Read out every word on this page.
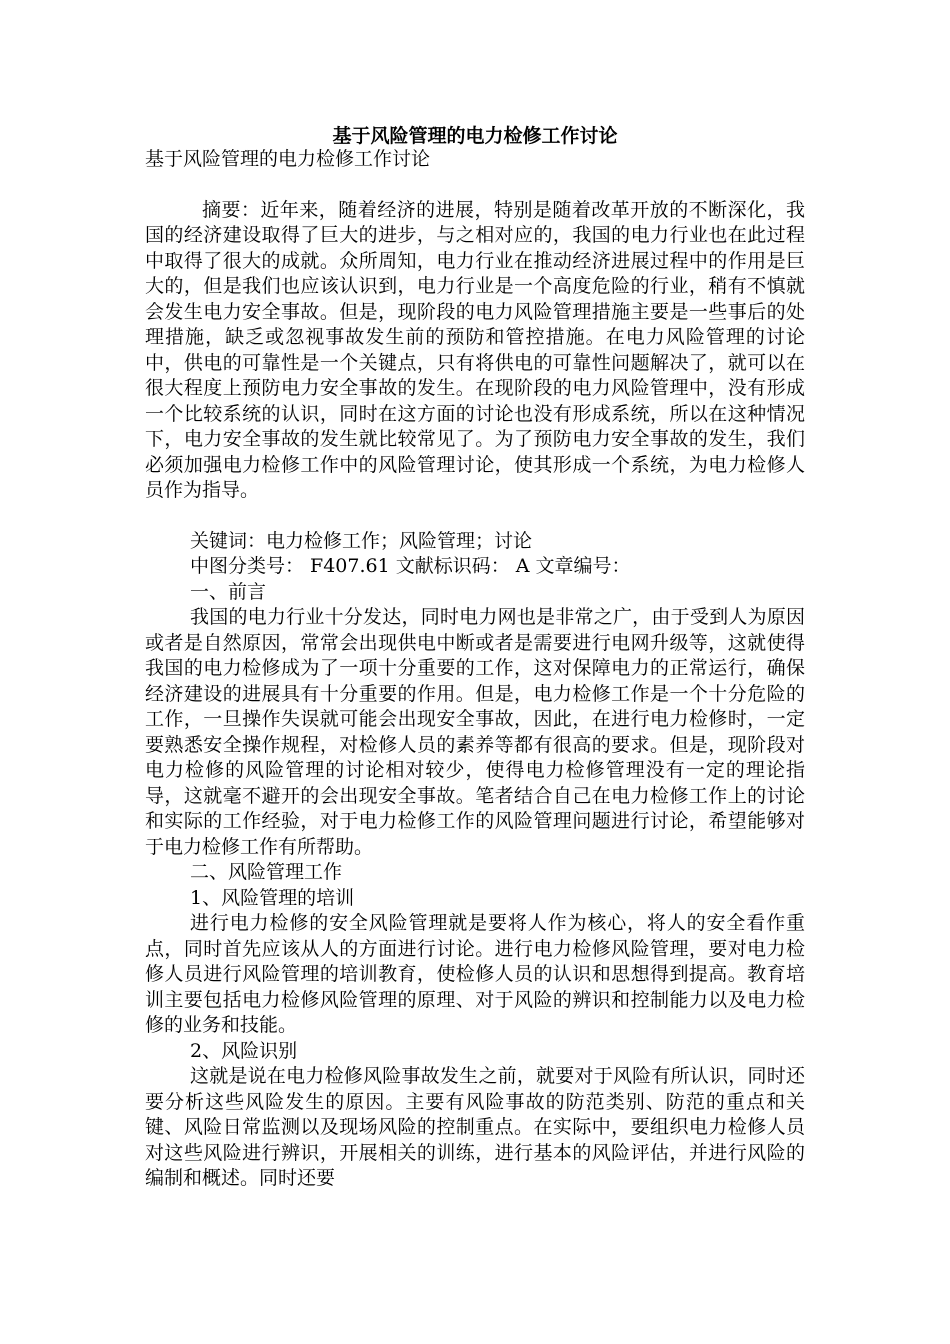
基于风险管理的电力检修工作讨论

基于风险管理的电力检修工作讨论

摘要：近年来，随着经济的进展，特别是随着改革开放的不断深化，我国的经济建设取得了巨大的进步，与之相对应的，我国的电力行业也在此过程中取得了很大的成就。众所周知，电力行业在推动经济进展过程中的作用是巨大的，但是我们也应该认识到，电力行业是一个高度危险的行业，稍有不慎就会发生电力安全事故。但是，现阶段的电力风险管理措施主要是一些事后的处理措施，缺乏或忽视事故发生前的预防和管控措施。在电力风险管理的讨论中，供电的可靠性是一个关键点，只有将供电的可靠性问题解决了，就可以在很大程度上预防电力安全事故的发生。在现阶段的电力风险管理中，没有形成一个比较系统的认识，同时在这方面的讨论也没有形成系统，所以在这种情况下，电力安全事故的发生就比较常见了。为了预防电力安全事故的发生，我们必须加强电力检修工作中的风险管理讨论，使其形成一个系统，为电力检修人员作为指导。

关键词：电力检修工作；风险管理；讨论

中图分类号： F407.61 文献标识码： A 文章编号：

一、前言

我国的电力行业十分发达，同时电力网也是非常之广，由于受到人为原因或者是自然原因，常常会出现供电中断或者是需要进行电网升级等，这就使得我国的电力检修成为了一项十分重要的工作，这对保障电力的正常运行，确保经济建设的进展具有十分重要的作用。但是，电力检修工作是一个十分危险的工作，一旦操作失误就可能会出现安全事故，因此，在进行电力检修时，一定要熟悉安全操作规程，对检修人员的素养等都有很高的要求。但是，现阶段对电力检修的风险管理的讨论相对较少，使得电力检修管理没有一定的理论指导，这就毫不避开的会出现安全事故。笔者结合自己在电力检修工作上的讨论和实际的工作经验，对于电力检修工作的风险管理问题进行讨论，希望能够对于电力检修工作有所帮助。

二、风险管理工作

1、风险管理的培训

进行电力检修的安全风险管理就是要将人作为核心，将人的安全看作重点，同时首先应该从人的方面进行讨论。进行电力检修风险管理，要对电力检修人员进行风险管理的培训教育，使检修人员的认识和思想得到提高。教育培训主要包括电力检修风险管理的原理、对于风险的辨识和控制能力以及电力检修的业务和技能。

2、风险识别

这就是说在电力检修风险事故发生之前，就要对于风险有所认识，同时还要分析这些风险发生的原因。主要有风险事故的防范类别、防范的重点和关键、风险日常监测以及现场风险的控制重点。在实际中，要组织电力检修人员对这些风险进行辨识，开展相关的训练，进行基本的风险评估，并进行风险的编制和概述。同时还要
